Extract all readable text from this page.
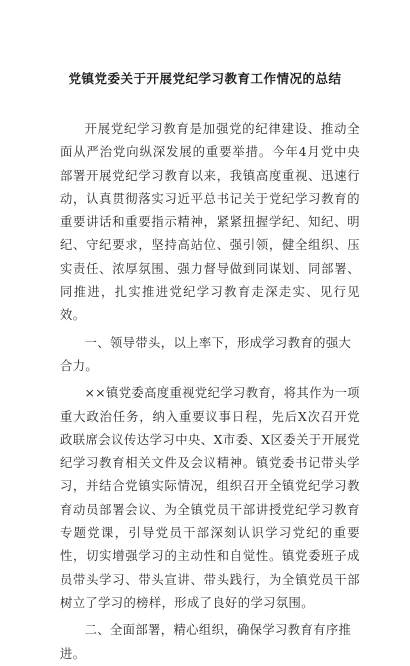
党镇党委关于开展党纪学习教育工作情况的总结

开展党纪学习教育是加强党的纪律建设、推动全面从严治党向纵深发展的重要举措。今年4月党中央部署开展党纪学习教育以来，我镇高度重视、迅速行动，认真贯彻落实习近平总书记关于党纪学习教育的重要讲话和重要指示精神，紧紧扭握学纪、知纪、明纪、守纪要求，坚持高站位、强引领，健全组织、压实责任、浓厚氛围、强力督导做到同谋划、同部署、同推进，扎实推进党纪学习教育走深走实、见行见效。

一、领导带头，以上率下，形成学习教育的强大合力。

××镇党委高度重视党纪学习教育，将其作为一项重大政治任务，纳入重要议事日程，先后X次召开党政联席会议传达学习中央、X市委、X区委关于开展党纪学习教育相关文件及会议精神。镇党委书记带头学习，并结合党镇实际情况，组织召开全镇党纪学习教育动员部署会议、为全镇党员干部讲授党纪学习教育专题党课，引导党员干部深刻认识学习党纪的重要性，切实增强学习的主动性和自觉性。镇党委班子成员带头学习、带头宣讲、带头践行，为全镇党员干部树立了学习的榜样，形成了良好的学习氛围。

二、全面部署，精心组织，确保学习教育有序推进。
